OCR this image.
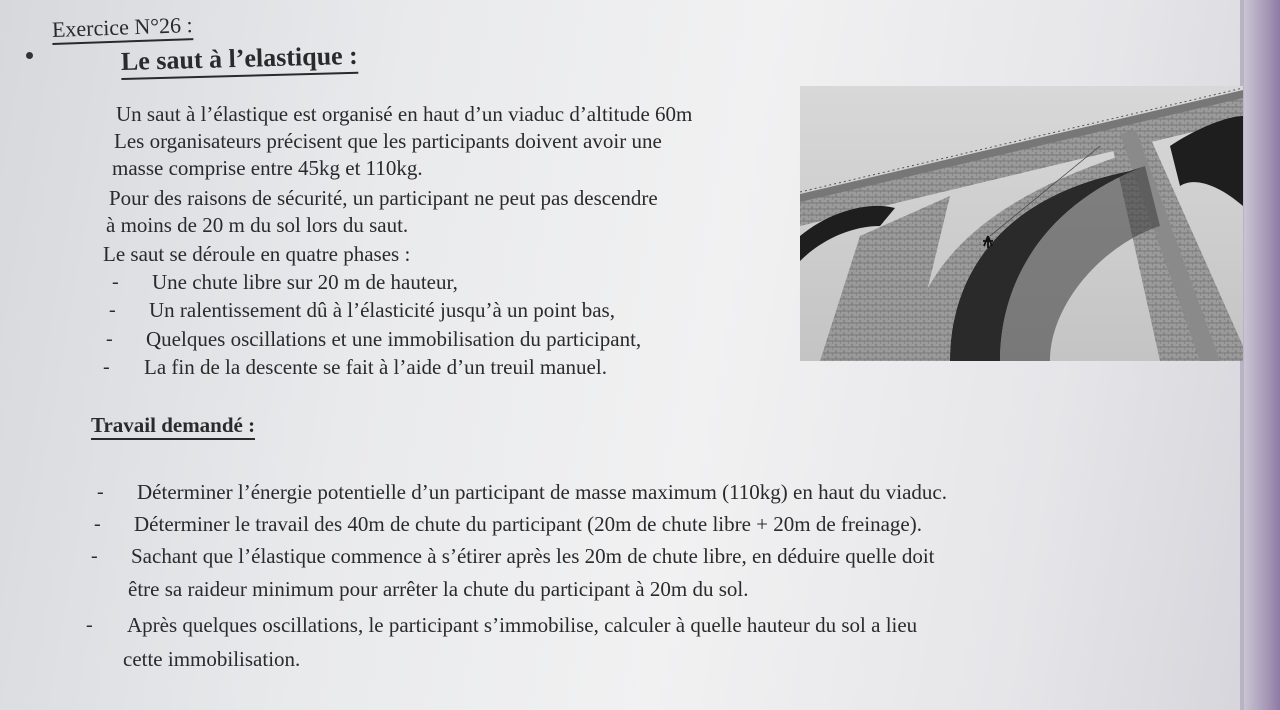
Exercice N°26 :
Le saut à l’elastique :
Un saut à l’élastique est organisé en haut d’un viaduc d’altitude 60m
Les organisateurs précisent que les participants doivent avoir une
masse comprise entre 45kg et 110kg.
Pour des raisons de sécurité, un participant ne peut pas descendre
à moins de 20 m du sol lors du saut.
Le saut se déroule en quatre phases :
- Une chute libre sur 20 m de hauteur,
- Un ralentissement dû à l’élasticité jusqu’à un point bas,
- Quelques oscillations et une immobilisation du participant,
- La fin de la descente se fait à l’aide d’un treuil manuel.
Travail demandé :
- Déterminer l’énergie potentielle d’un participant de masse maximum (110kg) en haut du viaduc.
- Déterminer le travail des 40m de chute du participant (20m de chute libre + 20m de freinage).
- Sachant que l’élastique commence à s’étirer après les 20m de chute libre, en déduire quelle doit
être sa raideur minimum pour arrêter la chute du participant à 20m du sol.
- Après quelques oscillations, le participant s’immobilise, calculer à quelle hauteur du sol a lieu
cette immobilisation.
